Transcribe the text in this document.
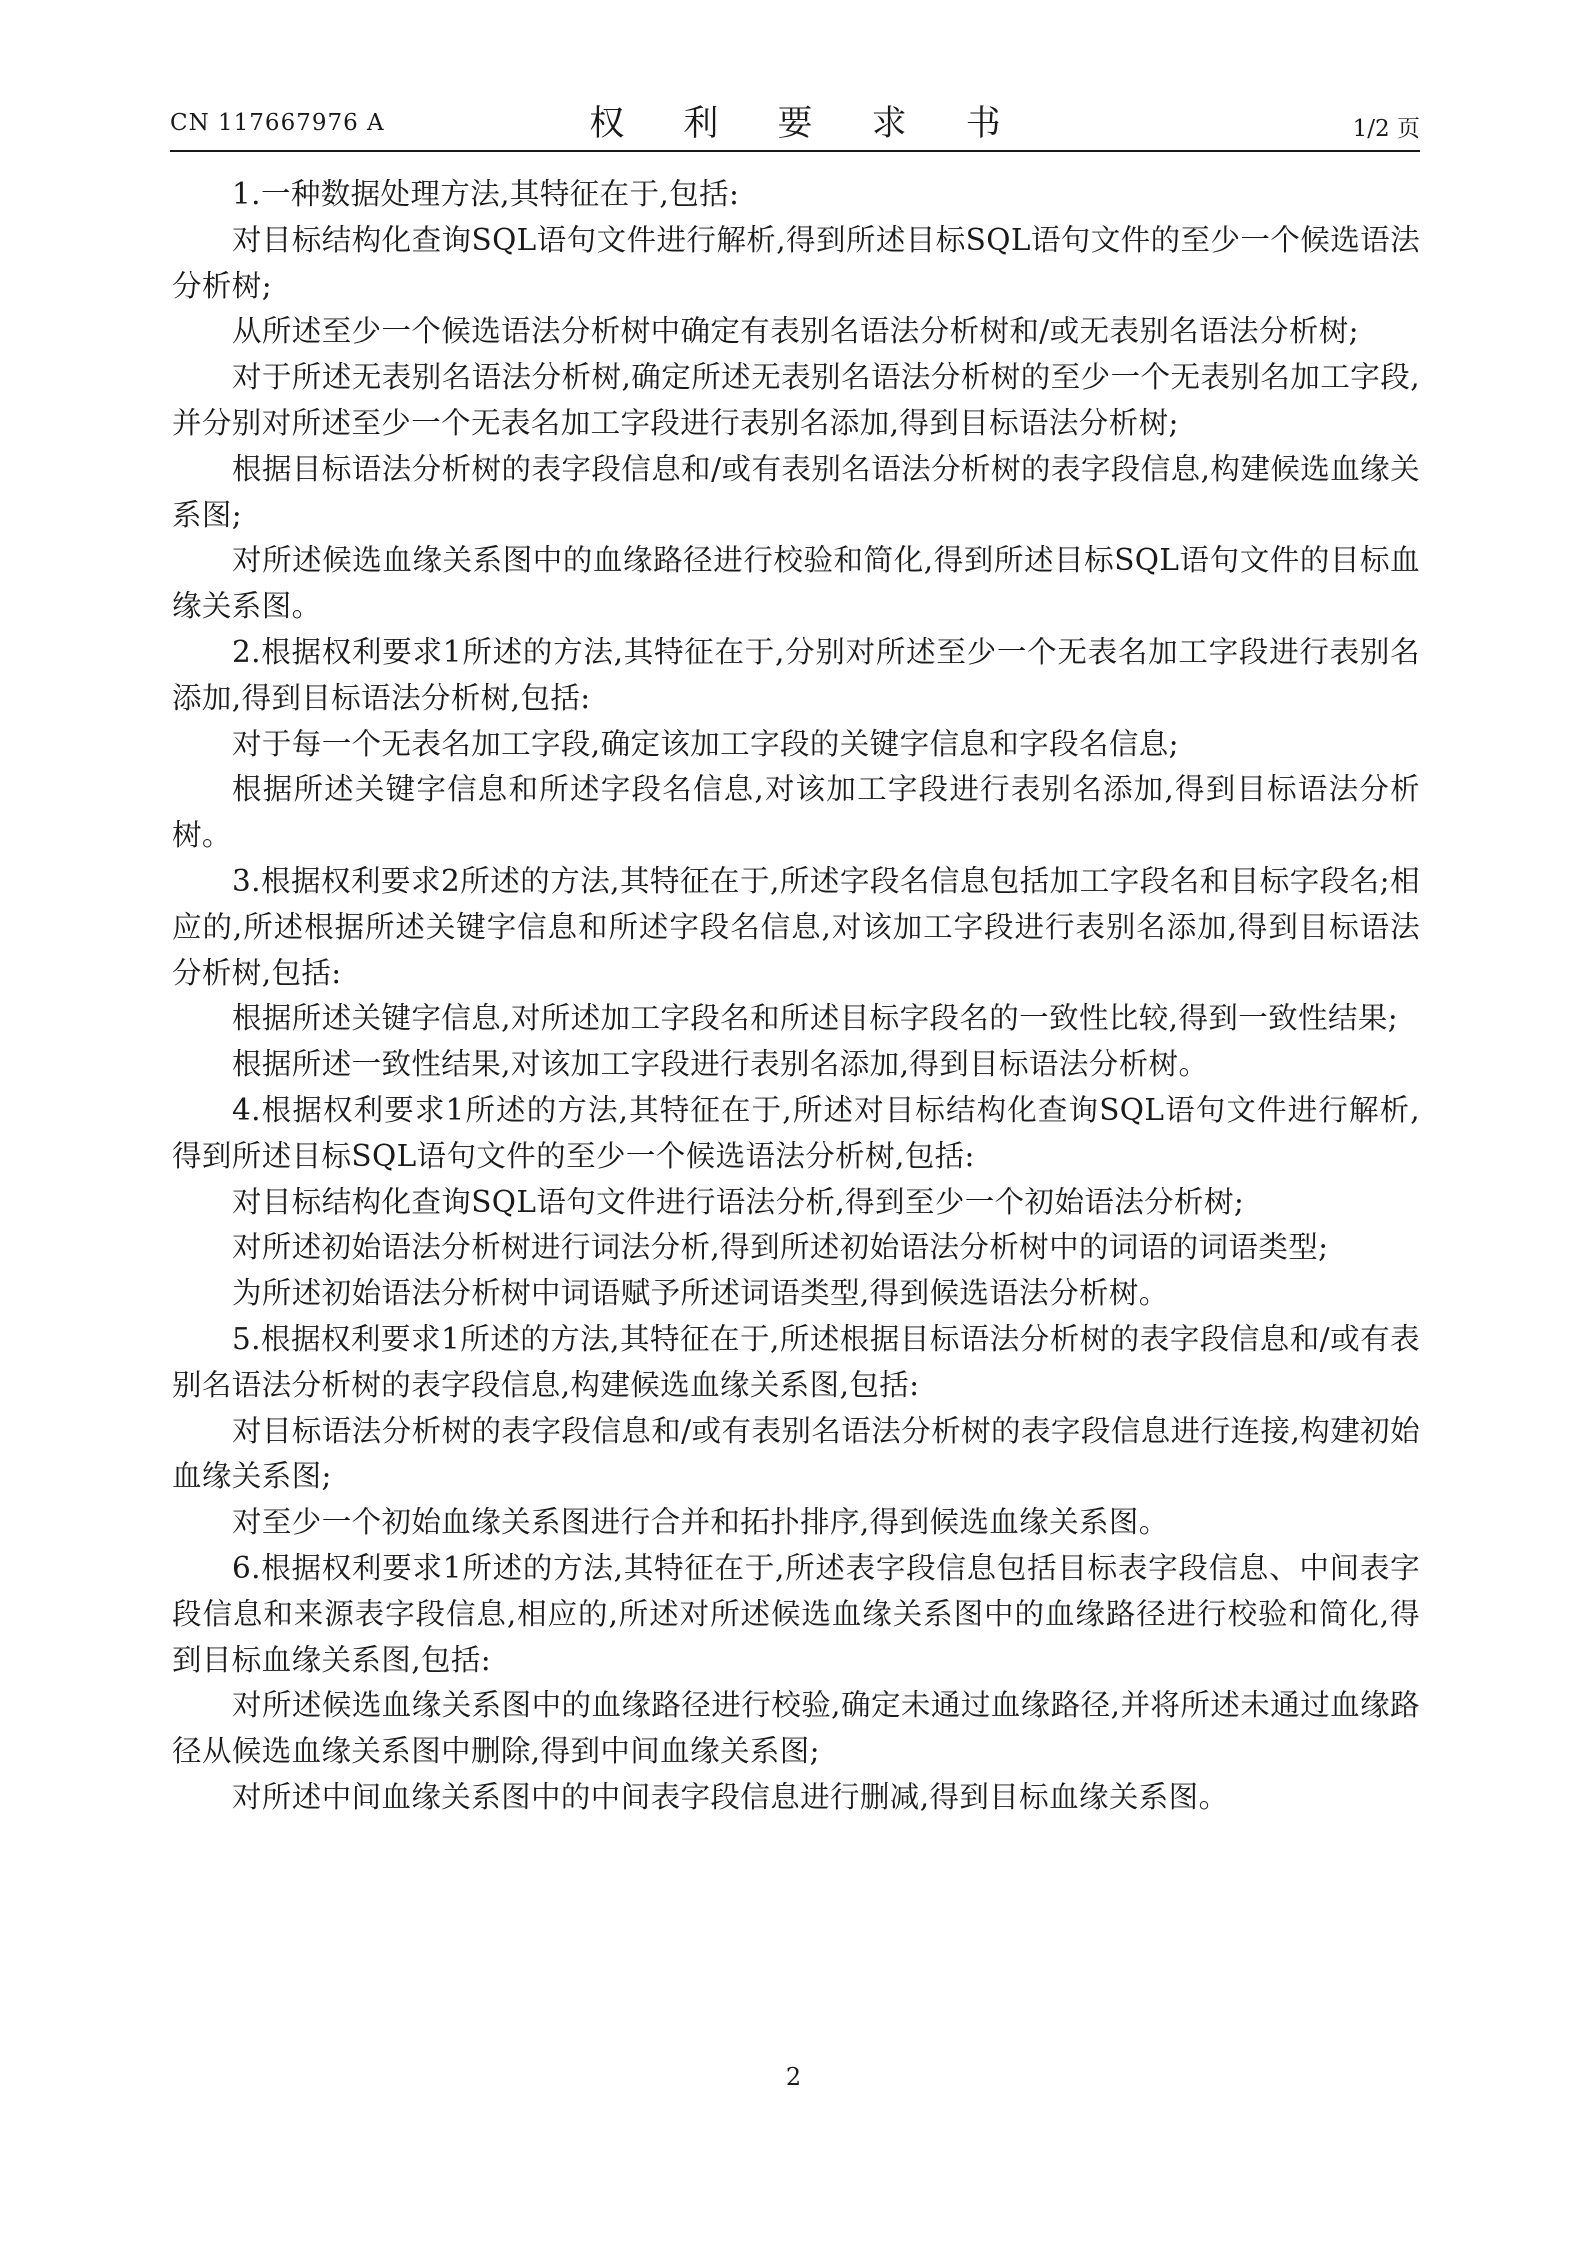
CN 117667976 A	权 利 要 求 书	1/2 页

1.一种数据处理方法,其特征在于,包括:

对目标结构化查询SQL语句文件进行解析,得到所述目标SQL语句文件的至少一个候选语法分析树;

从所述至少一个候选语法分析树中确定有表别名语法分析树和/或无表别名语法分析树;

对于所述无表别名语法分析树,确定所述无表别名语法分析树的至少一个无表别名加工字段,并分别对所述至少一个无表名加工字段进行表别名添加,得到目标语法分析树;

根据目标语法分析树的表字段信息和/或有表别名语法分析树的表字段信息,构建候选血缘关系图;

对所述候选血缘关系图中的血缘路径进行校验和简化,得到所述目标SQL语句文件的目标血缘关系图。

2.根据权利要求1所述的方法,其特征在于,分别对所述至少一个无表名加工字段进行表别名添加,得到目标语法分析树,包括:

对于每一个无表名加工字段,确定该加工字段的关键字信息和字段名信息;

根据所述关键字信息和所述字段名信息,对该加工字段进行表别名添加,得到目标语法分析树。

3.根据权利要求2所述的方法,其特征在于,所述字段名信息包括加工字段名和目标字段名;相应的,所述根据所述关键字信息和所述字段名信息,对该加工字段进行表别名添加,得到目标语法分析树,包括:

根据所述关键字信息,对所述加工字段名和所述目标字段名的一致性比较,得到一致性结果;

根据所述一致性结果,对该加工字段进行表别名添加,得到目标语法分析树。

4.根据权利要求1所述的方法,其特征在于,所述对目标结构化查询SQL语句文件进行解析,得到所述目标SQL语句文件的至少一个候选语法分析树,包括:

对目标结构化查询SQL语句文件进行语法分析,得到至少一个初始语法分析树;

对所述初始语法分析树进行词法分析,得到所述初始语法分析树中的词语的词语类型;

为所述初始语法分析树中词语赋予所述词语类型,得到候选语法分析树。

5.根据权利要求1所述的方法,其特征在于,所述根据目标语法分析树的表字段信息和/或有表别名语法分析树的表字段信息,构建候选血缘关系图,包括:

对目标语法分析树的表字段信息和/或有表别名语法分析树的表字段信息进行连接,构建初始血缘关系图;

对至少一个初始血缘关系图进行合并和拓扑排序,得到候选血缘关系图。

6.根据权利要求1所述的方法,其特征在于,所述表字段信息包括目标表字段信息、中间表字段信息和来源表字段信息,相应的,所述对所述候选血缘关系图中的血缘路径进行校验和简化,得到目标血缘关系图,包括:

对所述候选血缘关系图中的血缘路径进行校验,确定未通过血缘路径,并将所述未通过血缘路径从候选血缘关系图中删除,得到中间血缘关系图;

对所述中间血缘关系图中的中间表字段信息进行删减,得到目标血缘关系图。

2
